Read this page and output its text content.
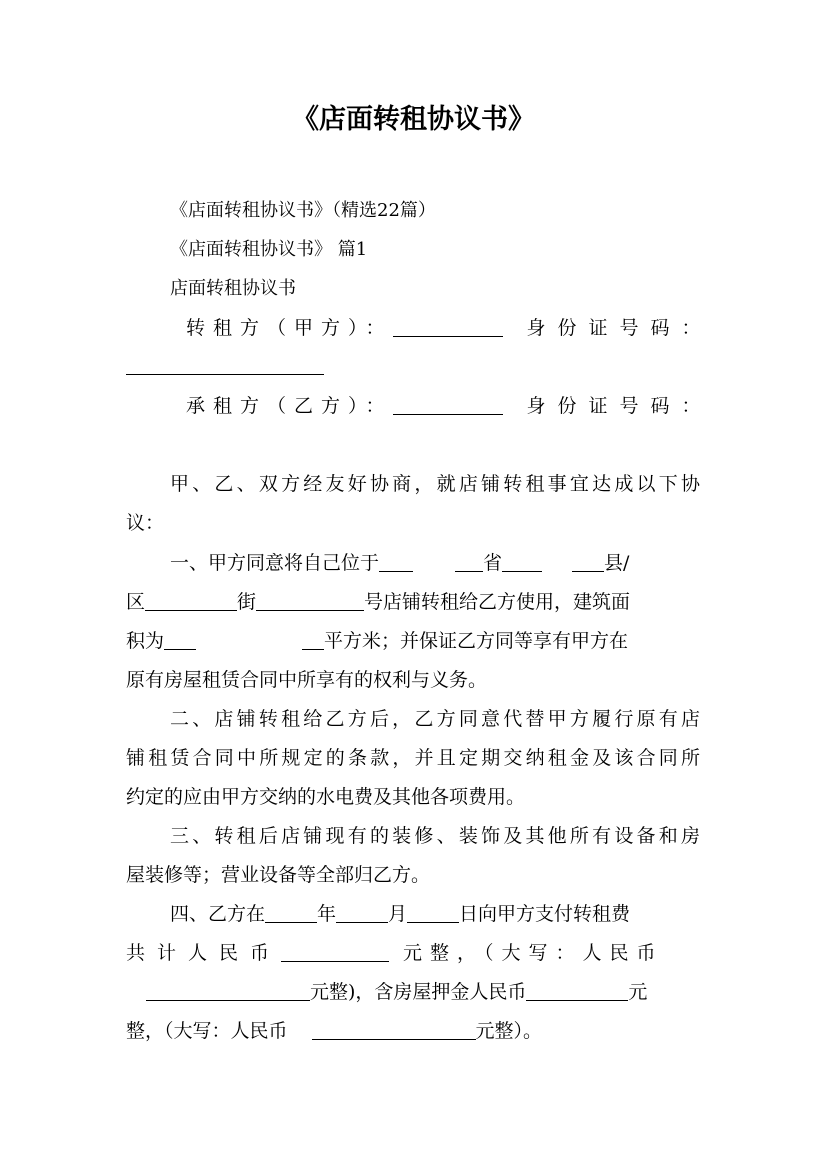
《店面转租协议书》

《店面转租协议书》（精选22篇）

《店面转租协议书》 篇1

店面转租协议书

转租方（甲方）：	身份证号码：
承租方（乙方）：	身份证号码：

甲、乙、双方经友好协商，就店铺转租事宜达成以下协

议：

一、甲方同意将自己位于	省	县/
区	街	号店铺转租给乙方使用，建筑面
积为	平方米；并保证乙方同等享有甲方在

原有房屋租赁合同中所享有的权利与义务。

二、店铺转租给乙方后，乙方同意代替甲方履行原有店

铺租赁合同中所规定的条款，并且定期交纳租金及该合同所

约定的应由甲方交纳的水电费及其他各项费用。

三、转租后店铺现有的装修、装饰及其他所有设备和房

屋装修等；营业设备等全部归乙方。

四、乙方在	年	月	日向甲方支付转租费
共计人民币	元整，（大写：人民币
元整)，含房屋押金人民币	元
整，（大写：人民币	元整）。
